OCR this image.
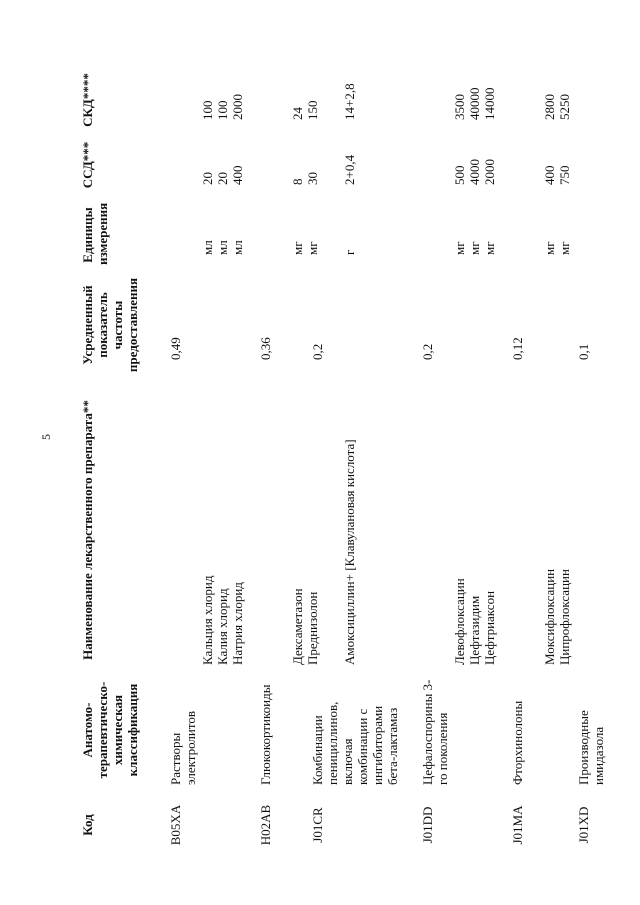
5
Код
Анатомо-терапевтическо-химическая классификация
Наименование лекарственного препарата**
Усредненный показатель частоты предоставления
Единицы измерения
ССД***
СКД****
B05XA
Растворы электролитов
0,49
Кальция хлорид
мл
20
100
Калия хлорид
мл
20
100
Натрия хлорид
мл
400
2000
H02AB
Глюкокортикоиды
0,36
Дексаметазон
мг
8
24
Преднизолон
мг
30
150
J01CR
Комбинации пенициллинов, включая комбинации с ингибиторами бета-лактамаз
0,2
Амоксициллин+ [Клавулановая кислота]
г
2+0,4
14+2,8
J01DD
Цефалоспорины 3-го поколения
0,2
Левофлоксацин
мг
500
3500
Цефтазидим
мг
4000
40000
Цефтриаксон
мг
2000
14000
J01MA
Фторхинолоны
0,12
Моксифлоксацин
мг
400
2800
Ципрофлоксацин
мг
750
5250
J01XD
Производные имидазола
0,1
